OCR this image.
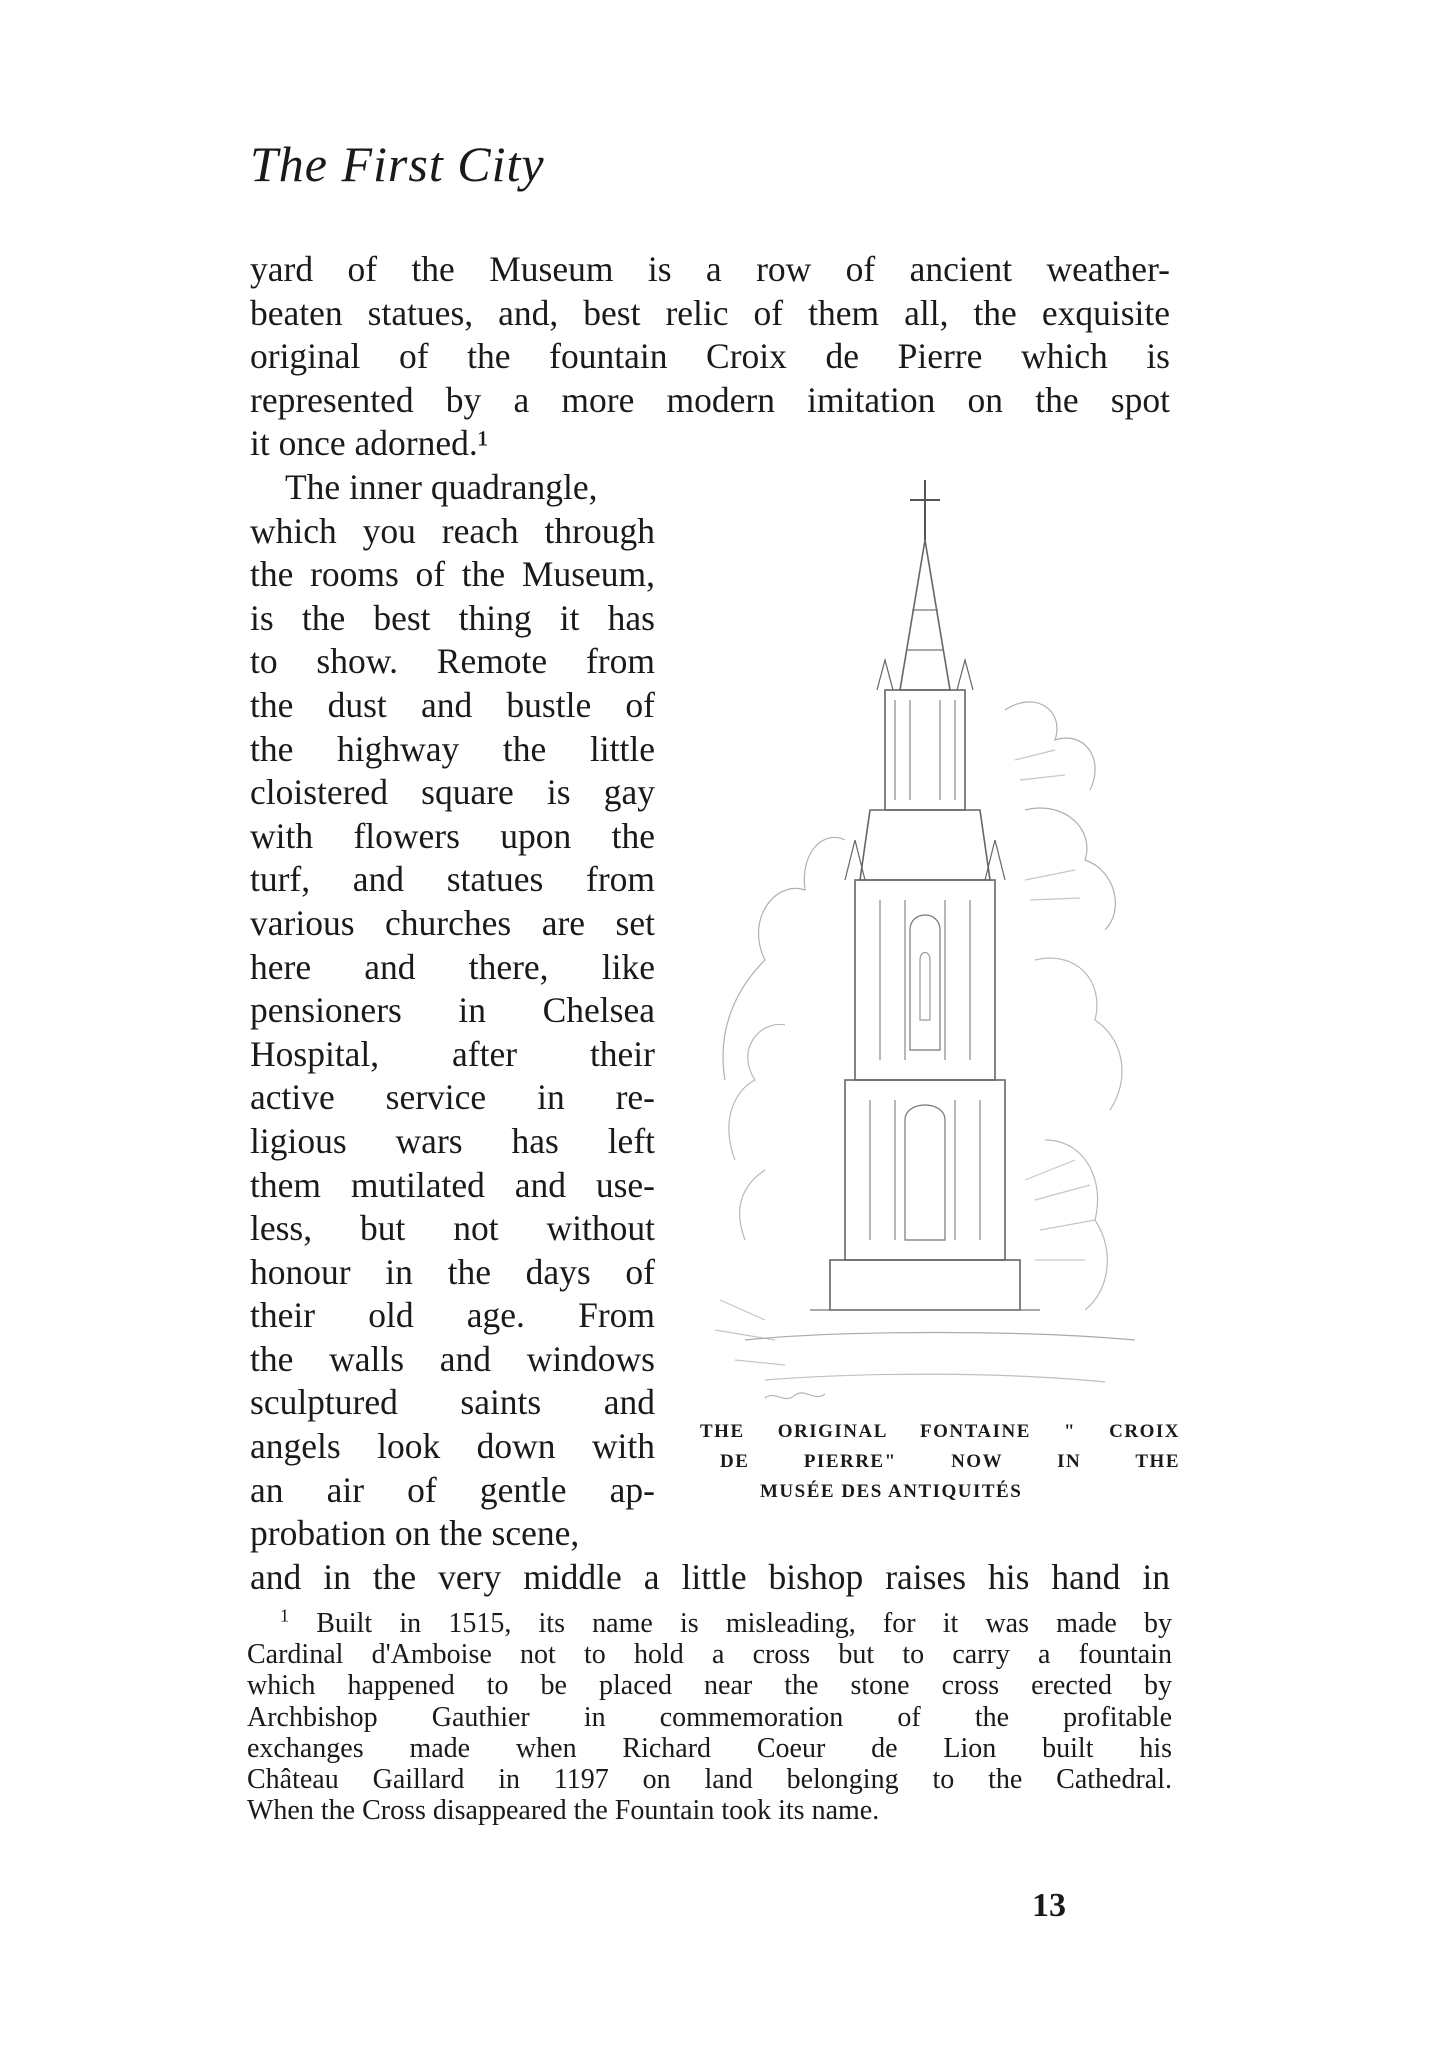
The First City

yard of the Museum is a row of ancient weather-
beaten statues, and, best relic of them all, the exquisite
original of the fountain Croix de Pierre which is
represented by a more modern imitation on the spot
it once adorned.¹

The inner quadrangle,
which you reach through
the rooms of the Museum,
is the best thing it has
to show. Remote from
the dust and bustle of
the highway the little
cloistered square is gay
with flowers upon the
turf, and statues from
various churches are set
here and there, like
pensioners in Chelsea
Hospital, after their
active service in re-
ligious wars has left
them mutilated and use-
less, but not without
honour in the days of
their old age. From
the walls and windows
sculptured saints and
angels look down with
an air of gentle ap-
probation on the scene,

and in the very middle a little bishop raises his hand in

THE ORIGINAL FONTAINE " CROIX
DE PIERRE" NOW IN THE
MUSÉE DES ANTIQUITÉS

$^1$ Built in 1515, its name is misleading, for it was made by
Cardinal d'Amboise not to hold a cross but to carry a fountain
which happened to be placed near the stone cross erected by
Archbishop Gauthier in commemoration of the profitable
exchanges made when Richard Coeur de Lion built his
Château Gaillard in 1197 on land belonging to the Cathedral.
When the Cross disappeared the Fountain took its name.

13
